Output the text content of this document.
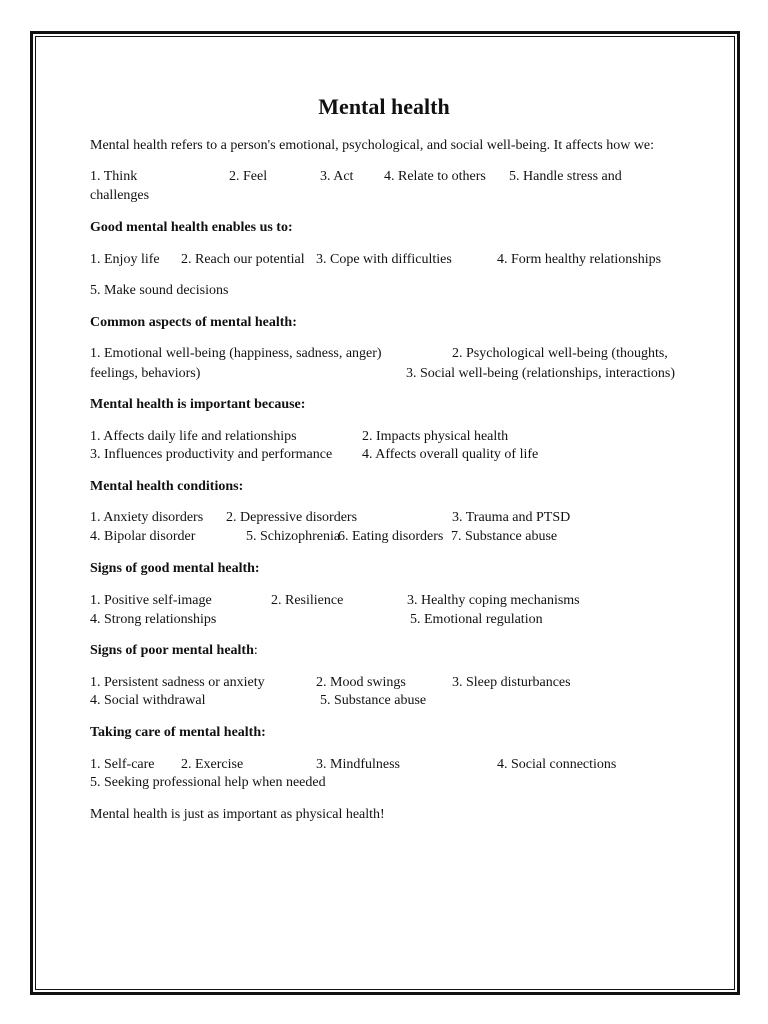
Mental health
Mental health refers to a person's emotional, psychological, and social well-being. It affects how we:
1. Think	2. Feel	3. Act 4. Relate to others 5. Handle stress and
challenges
Good mental health enables us to:
1. Enjoy life 2. Reach our potential 3. Cope with difficulties	4. Form healthy relationships
5. Make sound decisions
Common aspects of mental health:
1. Emotional well-being (happiness, sadness, anger)	2. Psychological well-being (thoughts,
feelings, behaviors)	3. Social well-being (relationships, interactions)
Mental health is important because:
1. Affects daily life and relationships	2. Impacts physical health
3. Influences productivity and performance 4. Affects overall quality of life
Mental health conditions:
1. Anxiety disorders 2. Depressive disorders	3. Trauma and PTSD
4. Bipolar disorder	5. Schizophrenia
6. Eating disorders 7. Substance abuse
Signs of good mental health:
1. Positive self-image	2. Resilience	3. Healthy coping mechanisms
4. Strong relationships	5. Emotional regulation
Signs of poor mental health:
1. Persistent sadness or anxiety	2. Mood swings	3. Sleep disturbances
4. Social withdrawal	5. Substance abuse
Taking care of mental health:
1. Self-care 2. Exercise	3. Mindfulness	4. Social connections
5. Seeking professional help when needed
Mental health is just as important as physical health!
